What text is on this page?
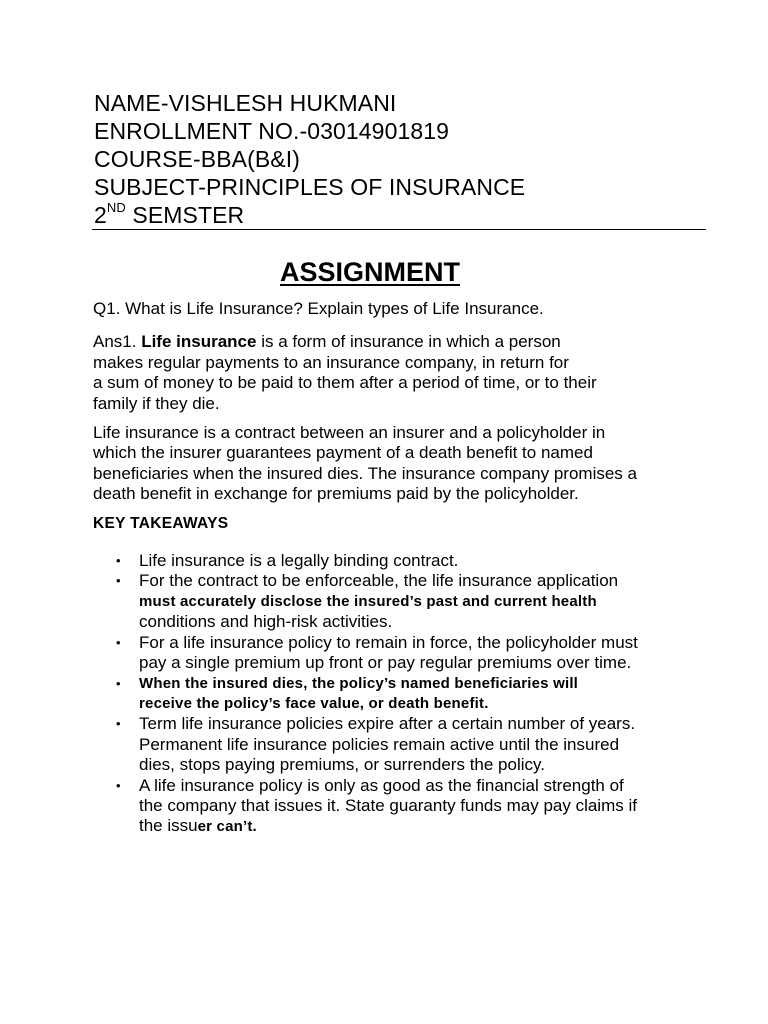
NAME-VISHLESH HUKMANI
ENROLLMENT NO.-03014901819
COURSE-BBA(B&I)
SUBJECT-PRINCIPLES OF INSURANCE
2ND SEMSTER
ASSIGNMENT

Q1. What is Life Insurance? Explain types of Life Insurance.

Ans1. Life insurance is a form of insurance in which a person
makes regular payments to an insurance company, in return for
a sum of money to be paid to them after a period of time, or to their
family if they die.

Life insurance is a contract between an insurer and a policyholder in
which the insurer guarantees payment of a death benefit to named
beneficiaries when the insured dies. The insurance company promises a
death benefit in exchange for premiums paid by the policyholder.

KEY TAKEAWAYS

• Life insurance is a legally binding contract.
• For the contract to be enforceable, the life insurance application
must accurately disclose the insured’s past and current health
conditions and high-risk activities.
• For a life insurance policy to remain in force, the policyholder must
pay a single premium up front or pay regular premiums over time.
• When the insured dies, the policy’s named beneficiaries will
receive the policy’s face value, or death benefit.
• Term life insurance policies expire after a certain number of years.
Permanent life insurance policies remain active until the insured
dies, stops paying premiums, or surrenders the policy.
• A life insurance policy is only as good as the financial strength of
the company that issues it. State guaranty funds may pay claims if
the issuer can’t.
